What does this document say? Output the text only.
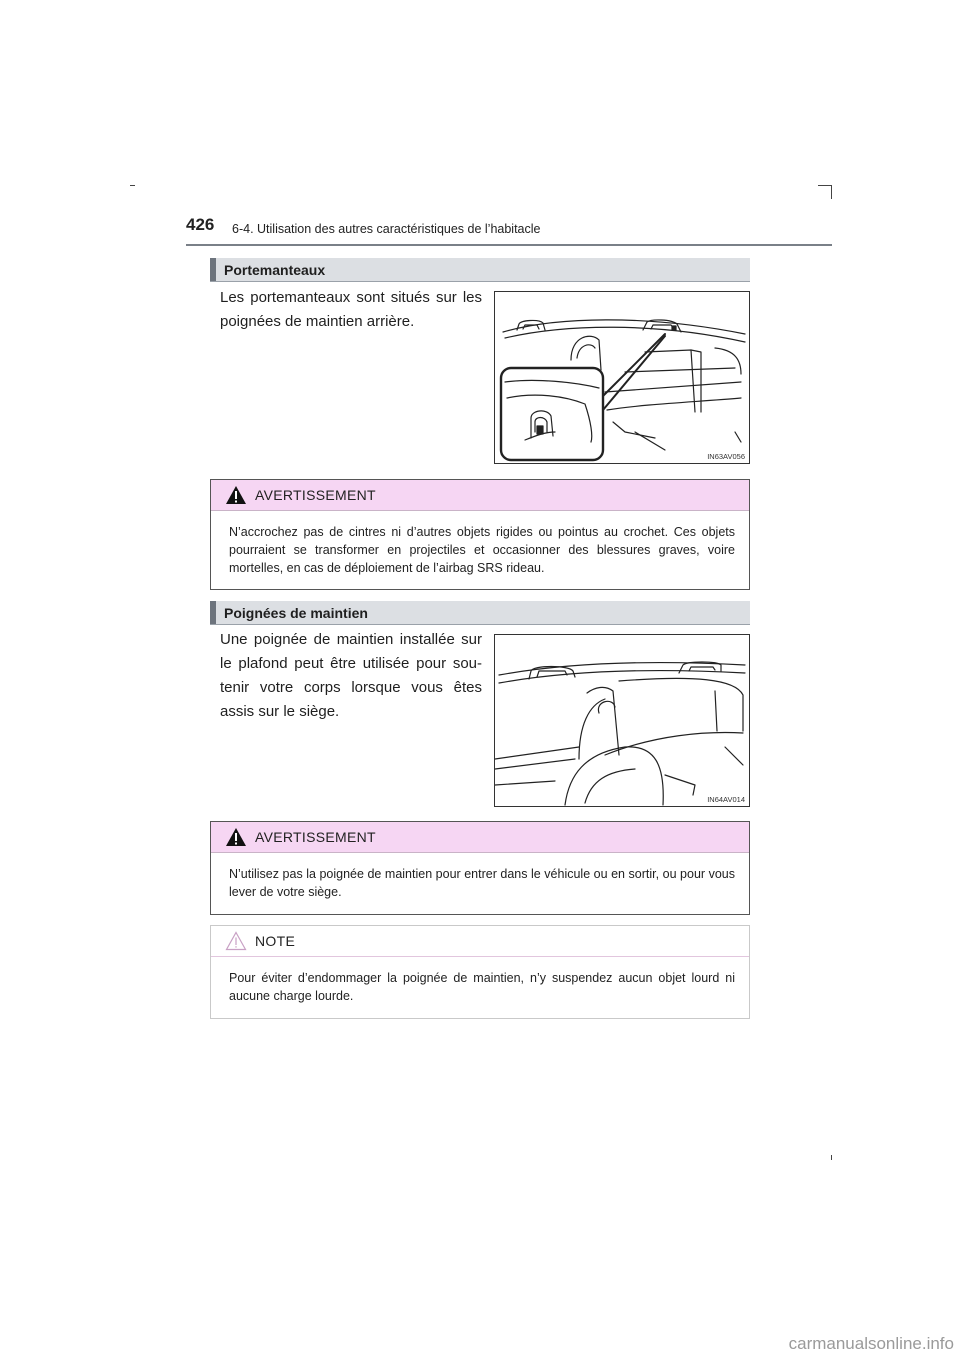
426 6-4. Utilisation des autres caractéristiques de l’habitacle
Portemanteaux
Les portemanteaux sont situés sur les poignées de maintien arrière.
IN63AV056
AVERTISSEMENT
N’accrochez pas de cintres ni d’autres objets rigides ou pointus au crochet. Ces objets pourraient se transformer en projectiles et occasionner des blessures graves, voire mortelles, en cas de déploiement de l’airbag SRS rideau.
Poignées de maintien
Une poignée de maintien installée sur le plafond peut être utilisée pour sou-tenir votre corps lorsque vous êtes assis sur le siège.
IN64AV014
AVERTISSEMENT
N’utilisez pas la poignée de maintien pour entrer dans le véhicule ou en sortir, ou pour vous lever de votre siège.
NOTE
Pour éviter d’endommager la poignée de maintien, n’y suspendez aucun objet lourd ni aucune charge lourde.
carmanualsonline.info
